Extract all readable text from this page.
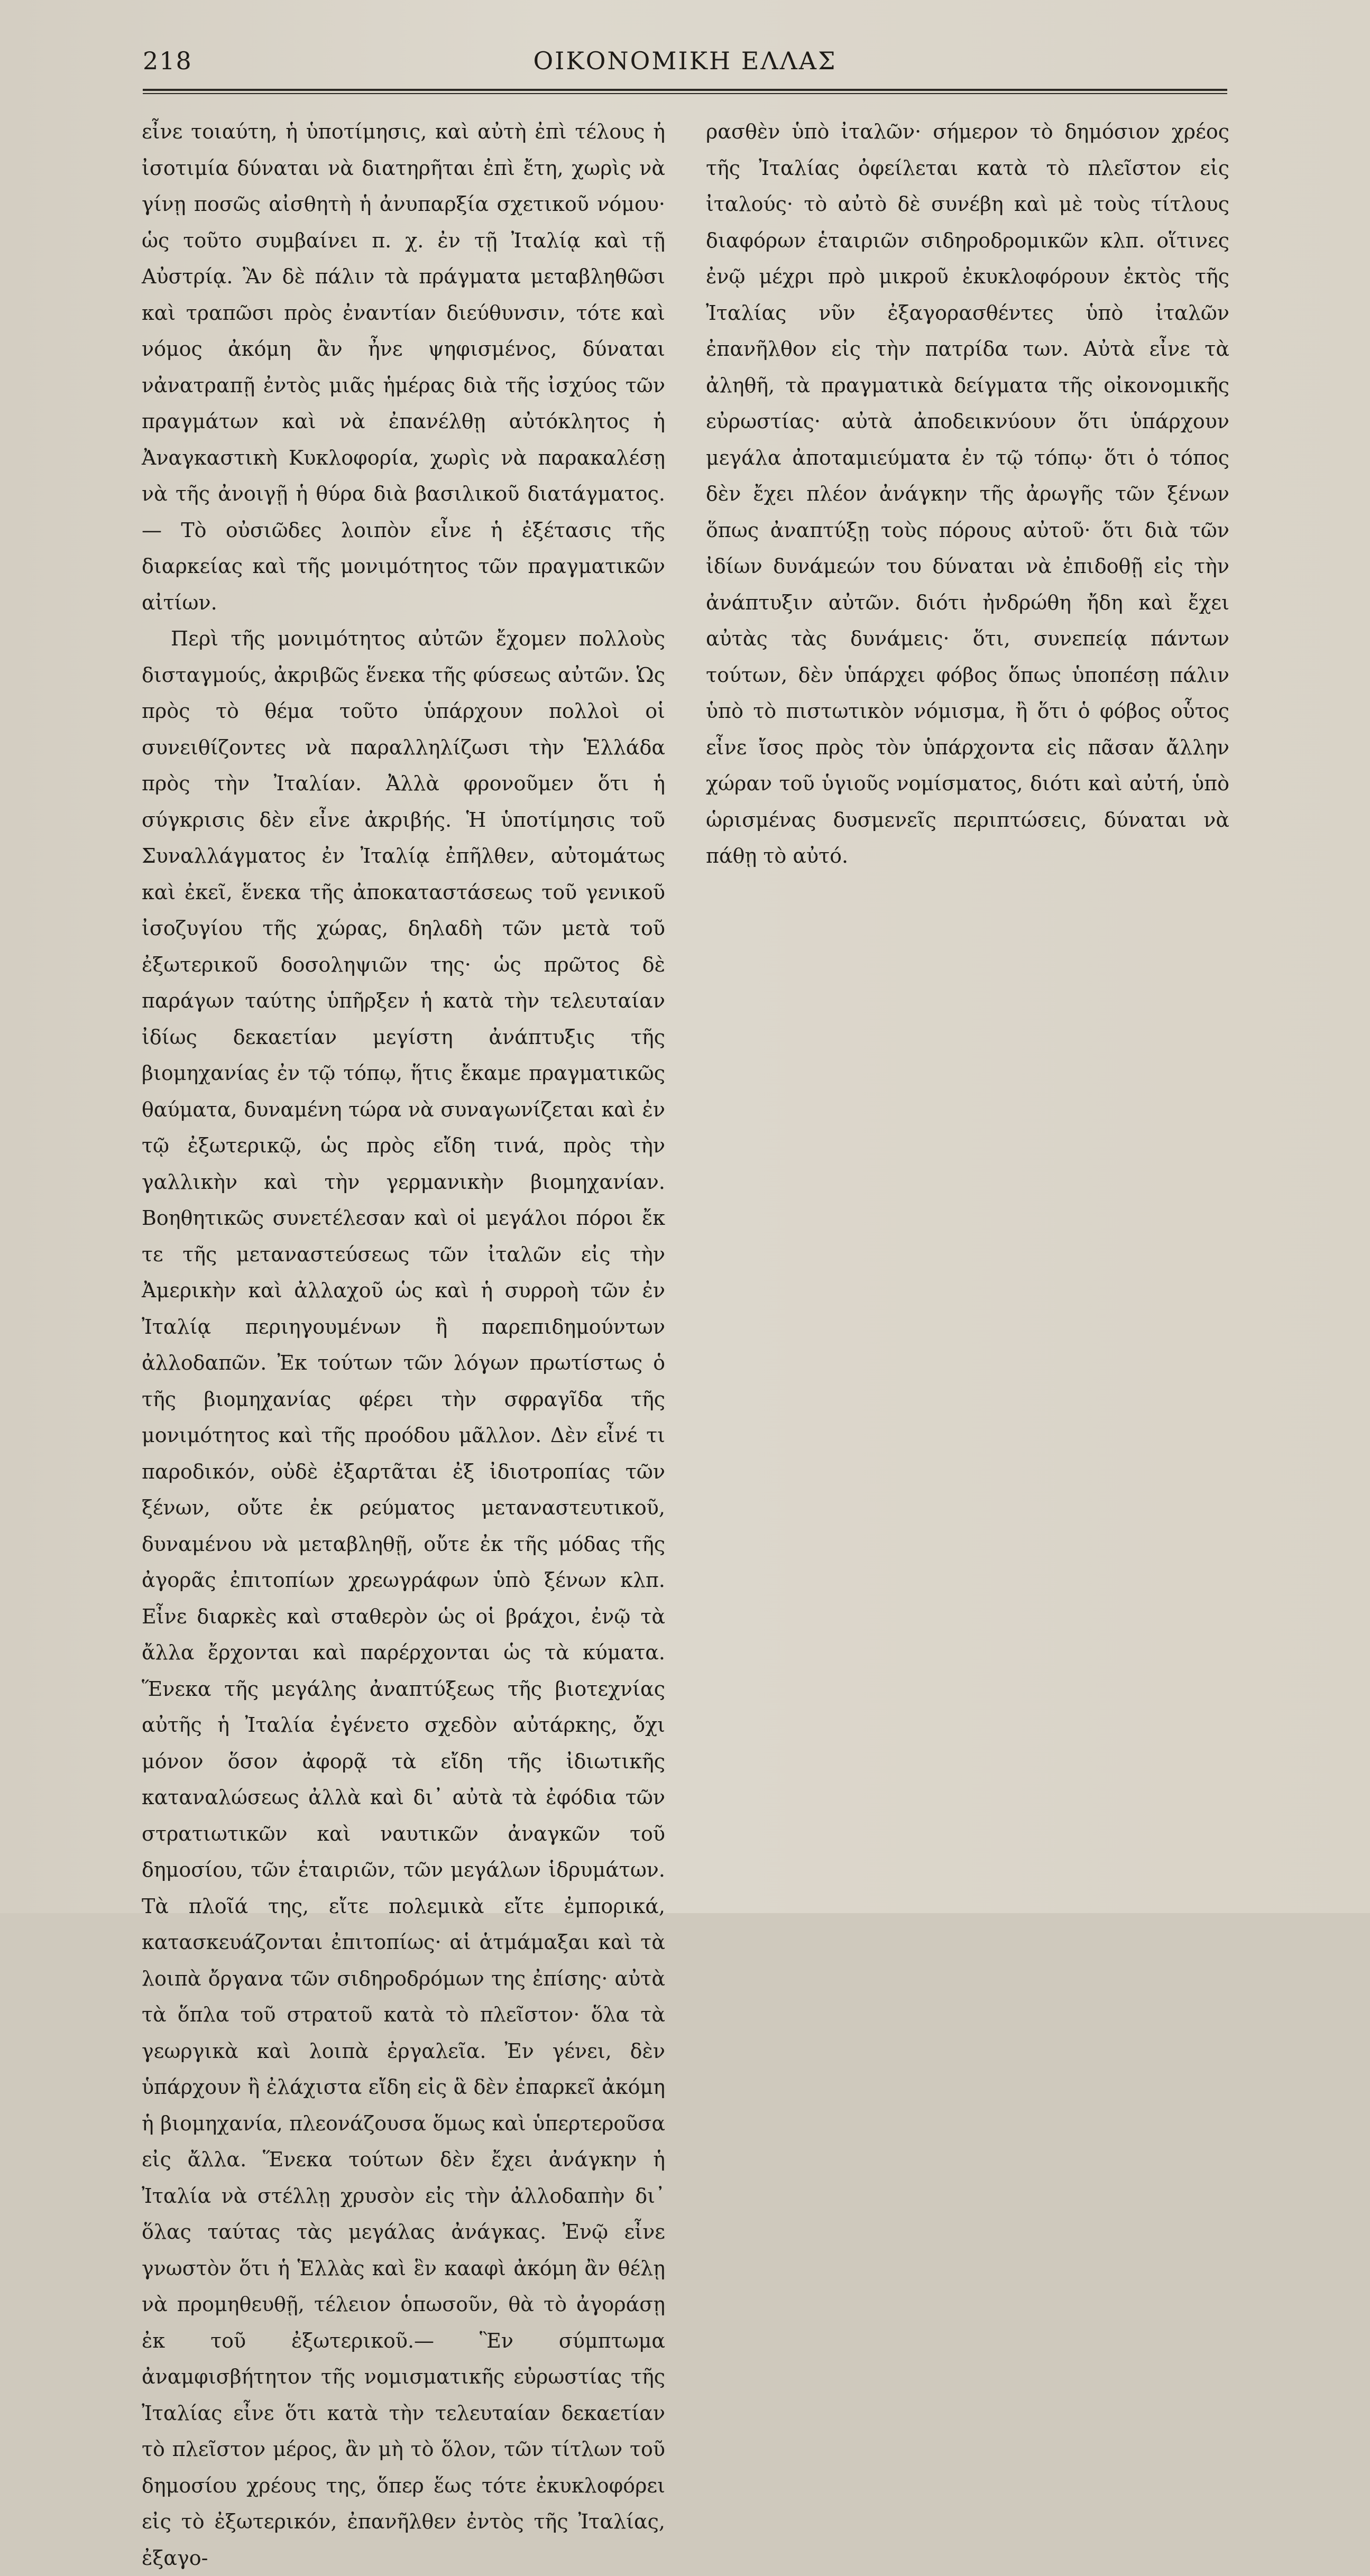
218	ΟΙΚΟΝΟΜΙΚΗ ΕΛΛΑΣ

εἶνε τοιαύτη, ἡ ὑποτίμησις, καὶ αὐτὴ ἐπὶ τέλους ἡ ἰσοτιμία δύναται νὰ διατηρῆται ἐπὶ ἔτη, χωρὶς νὰ γίνῃ ποσῶς αἰσθητὴ ἡ ἀνυπαρξία σχετικοῦ νόμου· ὡς τοῦτο συμβαίνει π. χ. ἐν τῇ Ἰταλίᾳ καὶ τῇ Αὐστρίᾳ. Ἂν δὲ πάλιν τὰ πράγματα μεταβληθῶσι καὶ τραπῶσι πρὸς ἐναντίαν διεύθυνσιν, τότε καὶ νόμος ἀκόμη ἂν ἦνε ψηφισμένος, δύναται νἀνατραπῇ ἐντὸς μιᾶς ἡμέρας διὰ τῆς ἰσχύος τῶν πραγμάτων καὶ νὰ ἐπανέλθῃ αὐτόκλητος ἡ Ἀναγκαστικὴ Κυκλοφορία, χωρὶς νὰ παρακαλέσῃ νὰ τῆς ἀνοιγῇ ἡ θύρα διὰ βασιλικοῦ διατάγματος.— Τὸ οὐσιῶδες λοιπὸν εἶνε ἡ ἐξέτασις τῆς διαρκείας καὶ τῆς μονιμότητος τῶν πραγματικῶν αἰτίων.

Περὶ τῆς μονιμότητος αὐτῶν ἔχομεν πολλοὺς δισταγμούς, ἀκριβῶς ἕνεκα τῆς φύσεως αὐτῶν. Ὡς πρὸς τὸ θέμα τοῦτο ὑπάρχουν πολλοὶ οἱ συνειθίζοντες νὰ παραλληλίζωσι τὴν Ἑλλάδα πρὸς τὴν Ἰταλίαν. Ἀλλὰ φρονοῦμεν ὅτι ἡ σύγκρισις δὲν εἶνε ἀκριβής. Ἡ ὑποτίμησις τοῦ Συναλλάγματος ἐν Ἰταλίᾳ ἐπῆλθεν, αὐτομάτως καὶ ἐκεῖ, ἕνεκα τῆς ἀποκαταστάσεως τοῦ γενικοῦ ἰσοζυγίου τῆς χώρας, δηλαδὴ τῶν μετὰ τοῦ ἐξωτερικοῦ δοσοληψιῶν της· ὡς πρῶτος δὲ παράγων ταύτης ὑπῆρξεν ἡ κατὰ τὴν τελευταίαν ἰδίως δεκαετίαν μεγίστη ἀνάπτυξις τῆς βιομηχανίας ἐν τῷ τόπῳ, ἥτις ἔκαμε πραγματικῶς θαύματα, δυναμένη τώρα νὰ συναγωνίζεται καὶ ἐν τῷ ἐξωτερικῷ, ὡς πρὸς εἴδη τινά, πρὸς τὴν γαλλικὴν καὶ τὴν γερμανικὴν βιομηχανίαν. Βοηθητικῶς συνετέλεσαν καὶ οἱ μεγάλοι πόροι ἔκ τε τῆς μεταναστεύσεως τῶν ἰταλῶν εἰς τὴν Ἀμερικὴν καὶ ἀλλαχοῦ ὡς καὶ ἡ συρροὴ τῶν ἐν Ἰταλίᾳ περιηγουμένων ἢ παρεπιδημούντων ἀλλοδαπῶν. Ἐκ τούτων τῶν λόγων πρωτίστως ὁ τῆς βιομηχανίας φέρει τὴν σφραγῖδα τῆς μονιμότητος καὶ τῆς προόδου μᾶλλον. Δὲν εἶνέ τι παροδικόν, οὐδὲ ἐξαρτᾶται ἐξ ἰδιοτροπίας τῶν ξένων, οὔτε ἐκ ρεύματος μεταναστευτικοῦ, δυναμένου νὰ μεταβληθῇ, οὔτε ἐκ τῆς μόδας τῆς ἀγορᾶς ἐπιτοπίων χρεωγράφων ὑπὸ ξένων κλπ. Εἶνε διαρκὲς καὶ σταθερὸν ὡς οἱ βράχοι, ἐνῷ τὰ ἄλλα ἔρχονται καὶ παρέρχονται ὡς τὰ κύματα. Ἕνεκα τῆς μεγάλης ἀναπτύξεως τῆς βιοτεχνίας αὐτῆς ἡ Ἰταλία ἐγένετο σχεδὸν αὐτάρκης, ὄχι μόνον ὅσον ἀφορᾷ τὰ εἴδη τῆς ἰδιωτικῆς καταναλώσεως ἀλλὰ καὶ δι᾿ αὐτὰ τὰ ἐφόδια τῶν στρατιωτικῶν καὶ ναυτικῶν ἀναγκῶν τοῦ δημοσίου, τῶν ἑταιριῶν, τῶν μεγάλων ἱδρυμάτων. Τὰ πλοῖά της, εἴτε πολεμικὰ εἴτε ἐμπορικά, κατασκευάζονται ἐπιτοπίως· αἱ ἁτμάμαξαι καὶ τὰ λοιπὰ ὄργανα τῶν σιδηροδρόμων της ἐπίσης· αὐτὰ τὰ ὅπλα τοῦ στρατοῦ κατὰ τὸ πλεῖστον· ὅλα τὰ γεωργικὰ καὶ λοιπὰ ἐργαλεῖα. Ἐν γένει, δὲν ὑπάρχουν ἢ ἐλάχιστα εἴδη εἰς ἃ δὲν ἐπαρκεῖ ἀκόμη ἡ βιομηχανία, πλεονάζουσα ὅμως καὶ ὑπερτεροῦσα εἰς ἄλλα. Ἕνεκα τούτων δὲν ἔχει ἀνάγκην ἡ Ἰταλία νὰ στέλλῃ χρυσὸν εἰς τὴν ἀλλοδαπὴν δι᾿ ὅλας ταύτας τὰς μεγάλας ἀνάγκας. Ἐνῷ εἶνε γνωστὸν ὅτι ἡ Ἑλλὰς καὶ ἓν κααφὶ ἀκόμη ἂν θέλῃ νὰ προμηθευθῇ, τέλειον ὁπωσοῦν, θὰ τὸ ἀγοράσῃ ἐκ τοῦ ἐξωτερικοῦ.— Ἓν σύμπτωμα ἀναμφισβήτητον τῆς νομισματικῆς εὐρωστίας τῆς Ἰταλίας εἶνε ὅτι κατὰ τὴν τελευταίαν δεκαετίαν τὸ πλεῖστον μέρος, ἂν μὴ τὸ ὅλον, τῶν τίτλων τοῦ δημοσίου χρέους της, ὅπερ ἕως τότε ἐκυκλοφόρει εἰς τὸ ἐξωτερικόν, ἐπανῆλθεν ἐντὸς τῆς Ἰταλίας, ἐξαγο-

ρασθὲν ὑπὸ ἰταλῶν· σήμερον τὸ δημόσιον χρέος τῆς Ἰταλίας ὀφείλεται κατὰ τὸ πλεῖστον εἰς ἰταλούς· τὸ αὐτὸ δὲ συνέβη καὶ μὲ τοὺς τίτλους διαφόρων ἑταιριῶν σιδηροδρομικῶν κλπ. οἵτινες ἐνῷ μέχρι πρὸ μικροῦ ἐκυκλοφόρουν ἐκτὸς τῆς Ἰταλίας νῦν ἐξαγορασθέντες ὑπὸ ἰταλῶν ἐπανῆλθον εἰς τὴν πατρίδα των. Αὐτὰ εἶνε τὰ ἀληθῆ, τὰ πραγματικὰ δείγματα τῆς οἰκονομικῆς εὐρωστίας· αὐτὰ ἀποδεικνύουν ὅτι ὑπάρχουν μεγάλα ἀποταμιεύματα ἐν τῷ τόπῳ· ὅτι ὁ τόπος δὲν ἔχει πλέον ἀνάγκην τῆς ἀρωγῆς τῶν ξένων ὅπως ἀναπτύξῃ τοὺς πόρους αὐτοῦ· ὅτι διὰ τῶν ἰδίων δυνάμεών του δύναται νὰ ἐπιδοθῇ εἰς τὴν ἀνάπτυξιν αὐτῶν. διότι ἠνδρώθη ἤδη καὶ ἔχει αὐτὰς τὰς δυνάμεις· ὅτι, συνεπείᾳ πάντων τούτων, δὲν ὑπάρχει φόβος ὅπως ὑποπέσῃ πάλιν ὑπὸ τὸ πιστωτικὸν νόμισμα, ἢ ὅτι ὁ φόβος οὗτος εἶνε ἴσος πρὸς τὸν ὑπάρχοντα εἰς πᾶσαν ἄλλην χώραν τοῦ ὑγιοῦς νομίσματος, διότι καὶ αὐτή, ὑπὸ ὡρισμένας δυσμενεῖς περιπτώσεις, δύναται νὰ πάθῃ τὸ αὐτό.
